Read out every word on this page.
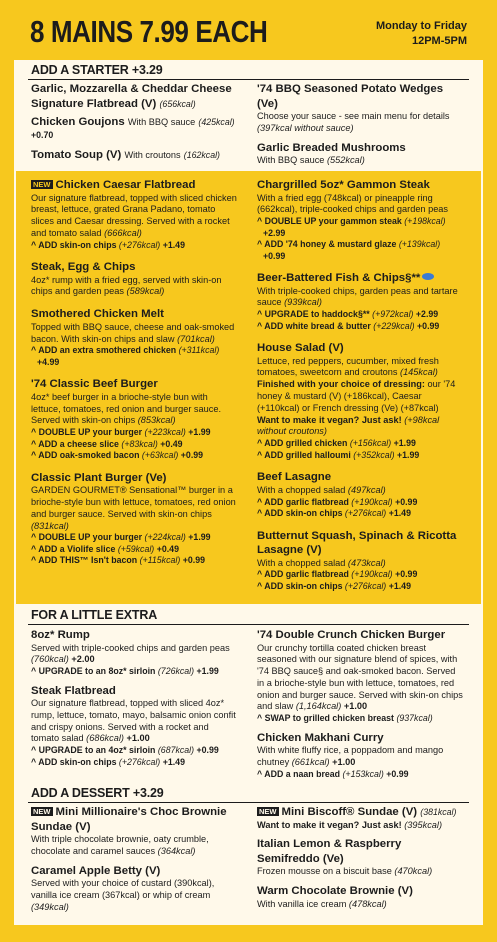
8 MAINS 7.99 EACH	Monday to Friday
12PM-5PM
ADD A STARTER +3.29
Garlic, Mozzarella & Cheddar Cheese Signature Flatbread (V) (656kcal)
Chicken Goujons With BBQ sauce (425kcal)
+0.70
Tomato Soup (V) With croutons (162kcal)
'74 BBQ Seasoned Potato Wedges (Ve)
Choose your sauce - see main menu for details
(397kcal without sauce)
Garlic Breaded Mushrooms
With BBQ sauce (552kcal)
NEW Chicken Caesar Flatbread
Our signature flatbread, topped with sliced chicken breast, lettuce, grated Grana Padano, tomato slices and Caesar dressing. Served with a rocket and tomato salad (666kcal)
^ ADD skin-on chips (+276kcal) +1.49
Steak, Egg & Chips
4oz* rump with a fried egg, served with skin-on chips and garden peas (589kcal)
Smothered Chicken Melt
Topped with BBQ sauce, cheese and oak-smoked bacon. With skin-on chips and slaw (701kcal)
^ ADD an extra smothered chicken (+311kcal) +4.99
'74 Classic Beef Burger
4oz* beef burger in a brioche-style bun with lettuce, tomatoes, red onion and burger sauce. Served with skin-on chips (853kcal)
^ DOUBLE UP your burger (+223kcal) +1.99
^ ADD a cheese slice (+83kcal) +0.49
^ ADD oak-smoked bacon (+63kcal) +0.99
Classic Plant Burger (Ve)
GARDEN GOURMET® Sensational™ burger in a brioche-style bun with lettuce, tomatoes, red onion and burger sauce. Served with skin-on chips (831kcal)
^ DOUBLE UP your burger (+224kcal) +1.99
^ ADD a Violife slice (+59kcal) +0.49
^ ADD THIS™ Isn't bacon (+115kcal) +0.99
Chargrilled 5oz* Gammon Steak
With a fried egg (748kcal) or pineapple ring (662kcal), triple-cooked chips and garden peas
^ DOUBLE UP your gammon steak (+198kcal) +2.99
^ ADD '74 honey & mustard glaze (+139kcal) +0.99
Beer-Battered Fish & Chips§**
With triple-cooked chips, garden peas and tartare sauce (939kcal)
^ UPGRADE to haddock§** (+972kcal) +2.99
^ ADD white bread & butter (+229kcal) +0.99
House Salad (V)
Lettuce, red peppers, cucumber, mixed fresh tomatoes, sweetcorn and croutons (145kcal) Finished with your choice of dressing: our '74 honey & mustard (V) (+186kcal), Caesar (+110kcal) or French dressing (Ve) (+87kcal)
Want to make it vegan? Just ask! (+98kcal without croutons)
^ ADD grilled chicken (+156kcal) +1.99
^ ADD grilled halloumi (+352kcal) +1.99
Beef Lasagne
With a chopped salad (497kcal)
^ ADD garlic flatbread (+190kcal) +0.99
^ ADD skin-on chips (+276kcal) +1.49
Butternut Squash, Spinach & Ricotta Lasagne (V)
With a chopped salad (473kcal)
^ ADD garlic flatbread (+190kcal) +0.99
^ ADD skin-on chips (+276kcal) +1.49
FOR A LITTLE EXTRA
8oz* Rump
Served with triple-cooked chips and garden peas (760kcal) +2.00
^ UPGRADE to an 8oz* sirloin (726kcal) +1.99
Steak Flatbread
Our signature flatbread, topped with sliced 4oz* rump, lettuce, tomato, mayo, balsamic onion confit and crispy onions. Served with a rocket and tomato salad (686kcal) +1.00
^ UPGRADE to an 4oz* sirloin (687kcal) +0.99
^ ADD skin-on chips (+276kcal) +1.49
'74 Double Crunch Chicken Burger
Our crunchy tortilla coated chicken breast seasoned with our signature blend of spices, with '74 BBQ sauce§ and oak-smoked bacon. Served in a brioche-style bun with lettuce, tomatoes, red onion and burger sauce. Served with skin-on chips and slaw (1,164kcal) +1.00
^ SWAP to grilled chicken breast (937kcal)
Chicken Makhani Curry
With white fluffy rice, a poppadom and mango chutney (661kcal) +1.00
^ ADD a naan bread (+153kcal) +0.99
ADD A DESSERT +3.29
NEW Mini Millionaire's Choc Brownie Sundae (V)
With triple chocolate brownie, oaty crumble, chocolate and caramel sauces (364kcal)
Caramel Apple Betty (V)
Served with your choice of custard (390kcal), vanilla ice cream (367kcal) or whip of cream (349kcal)
NEW Mini Biscoff® Sundae (V) (381kcal)
Want to make it vegan? Just ask! (395kcal)
Italian Lemon & Raspberry Semifreddo (Ve)
Frozen mousse on a biscuit base (470kcal)
Warm Chocolate Brownie (V)
With vanilla ice cream (478kcal)
